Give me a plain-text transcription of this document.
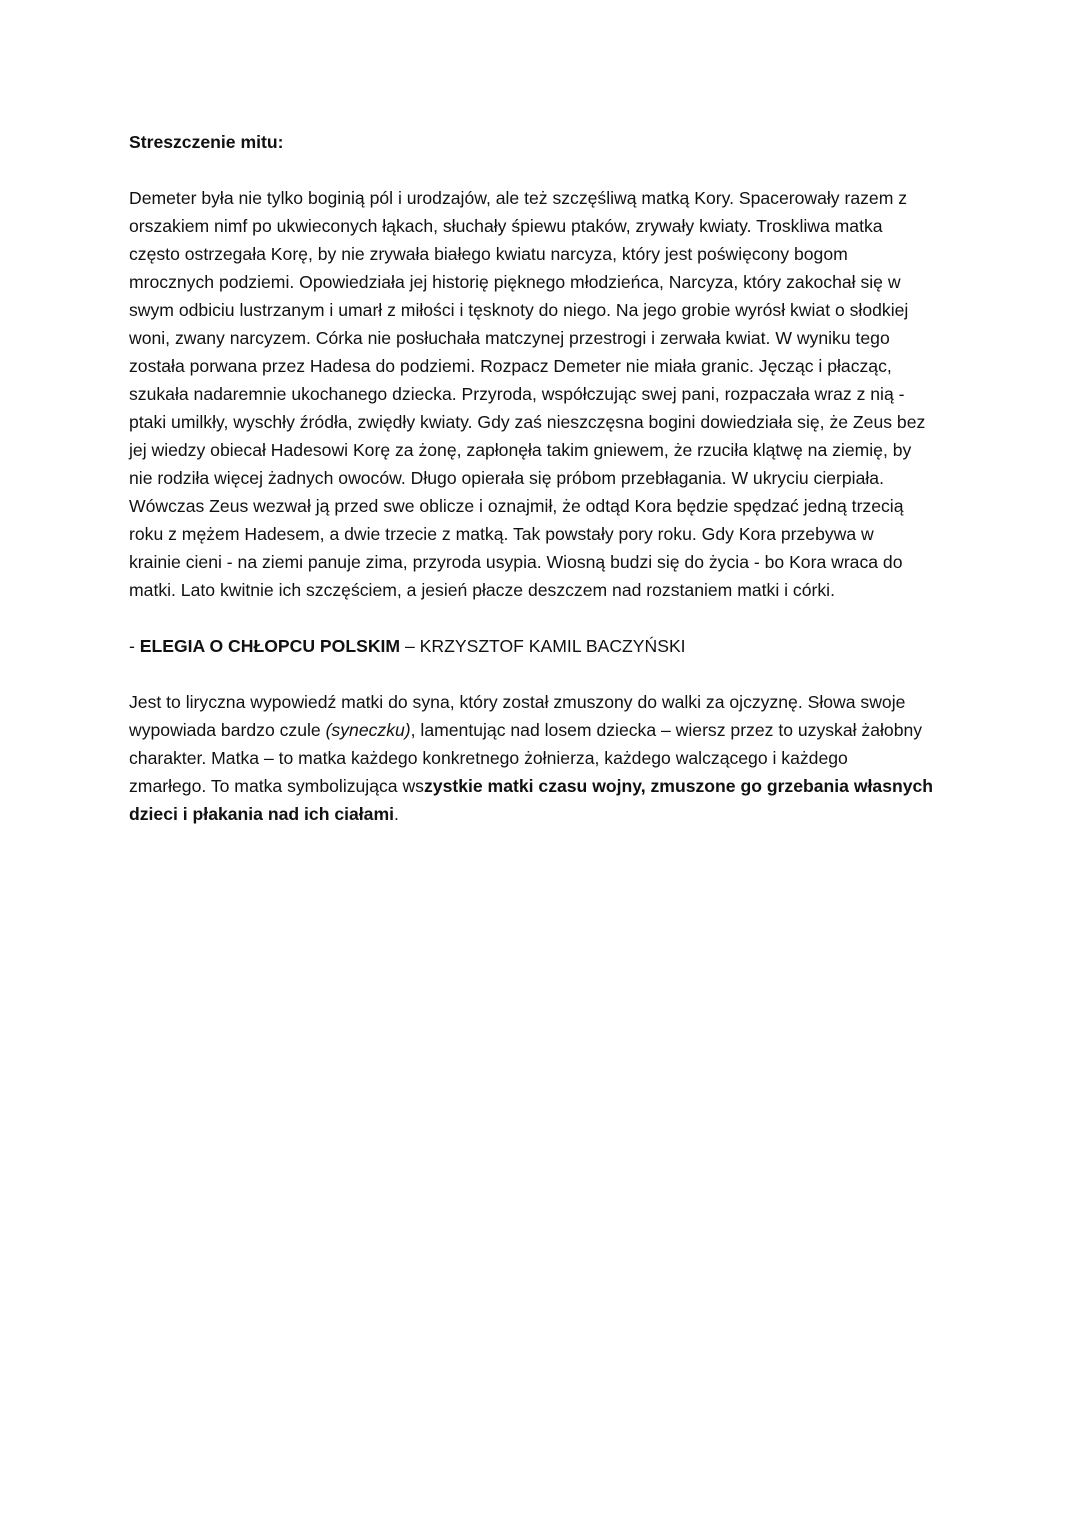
Streszczenie mitu:

Demeter była nie tylko boginią pól i urodzajów, ale też szczęśliwą matką Kory. Spacerowały razem z
orszakiem nimf po ukwieconych łąkach, słuchały śpiewu ptaków, zrywały kwiaty. Troskliwa matka
często ostrzegała Korę, by nie zrywała białego kwiatu narcyza, który jest poświęcony bogom
mrocznych podziemi. Opowiedziała jej historię pięknego młodzieńca, Narcyza, który zakochał się w
swym odbiciu lustrzanym i umarł z miłości i tęsknoty do niego. Na jego grobie wyrósł kwiat o słodkiej
woni, zwany narcyzem. Córka nie posłuchała matczynej przestrogi i zerwała kwiat. W wyniku tego
została porwana przez Hadesa do podziemi. Rozpacz Demeter nie miała granic. Jęcząc i płacząc,
szukała nadaremnie ukochanego dziecka. Przyroda, współczując swej pani, rozpaczała wraz z nią -
ptaki umilkły, wyschły źródła, zwiędły kwiaty. Gdy zaś nieszczęsna bogini dowiedziała się, że Zeus bez
jej wiedzy obiecał Hadesowi Korę za żonę, zapłonęła takim gniewem, że rzuciła klątwę na ziemię, by
nie rodziła więcej żadnych owoców. Długo opierała się próbom przebłagania. W ukryciu cierpiała.
Wówczas Zeus wezwał ją przed swe oblicze i oznajmił, że odtąd Kora będzie spędzać jedną trzecią
roku z mężem Hadesem, a dwie trzecie z matką. Tak powstały pory roku. Gdy Kora przebywa w
krainie cieni - na ziemi panuje zima, przyroda usypia. Wiosną budzi się do życia - bo Kora wraca do
matki. Lato kwitnie ich szczęściem, a jesień płacze deszczem nad rozstaniem matki i córki.

- ELEGIA O CHŁOPCU POLSKIM – KRZYSZTOF KAMIL BACZYŃSKI

Jest to liryczna wypowiedź matki do syna, który został zmuszony do walki za ojczyznę. Słowa swoje
wypowiada bardzo czule (syneczku), lamentując nad losem dziecka – wiersz przez to uzyskał żałobny
charakter. Matka – to matka każdego konkretnego żołnierza, każdego walczącego i każdego
zmarłego. To matka symbolizująca wszystkie matki czasu wojny, zmuszone go grzebania własnych
dzieci i płakania nad ich ciałami.
